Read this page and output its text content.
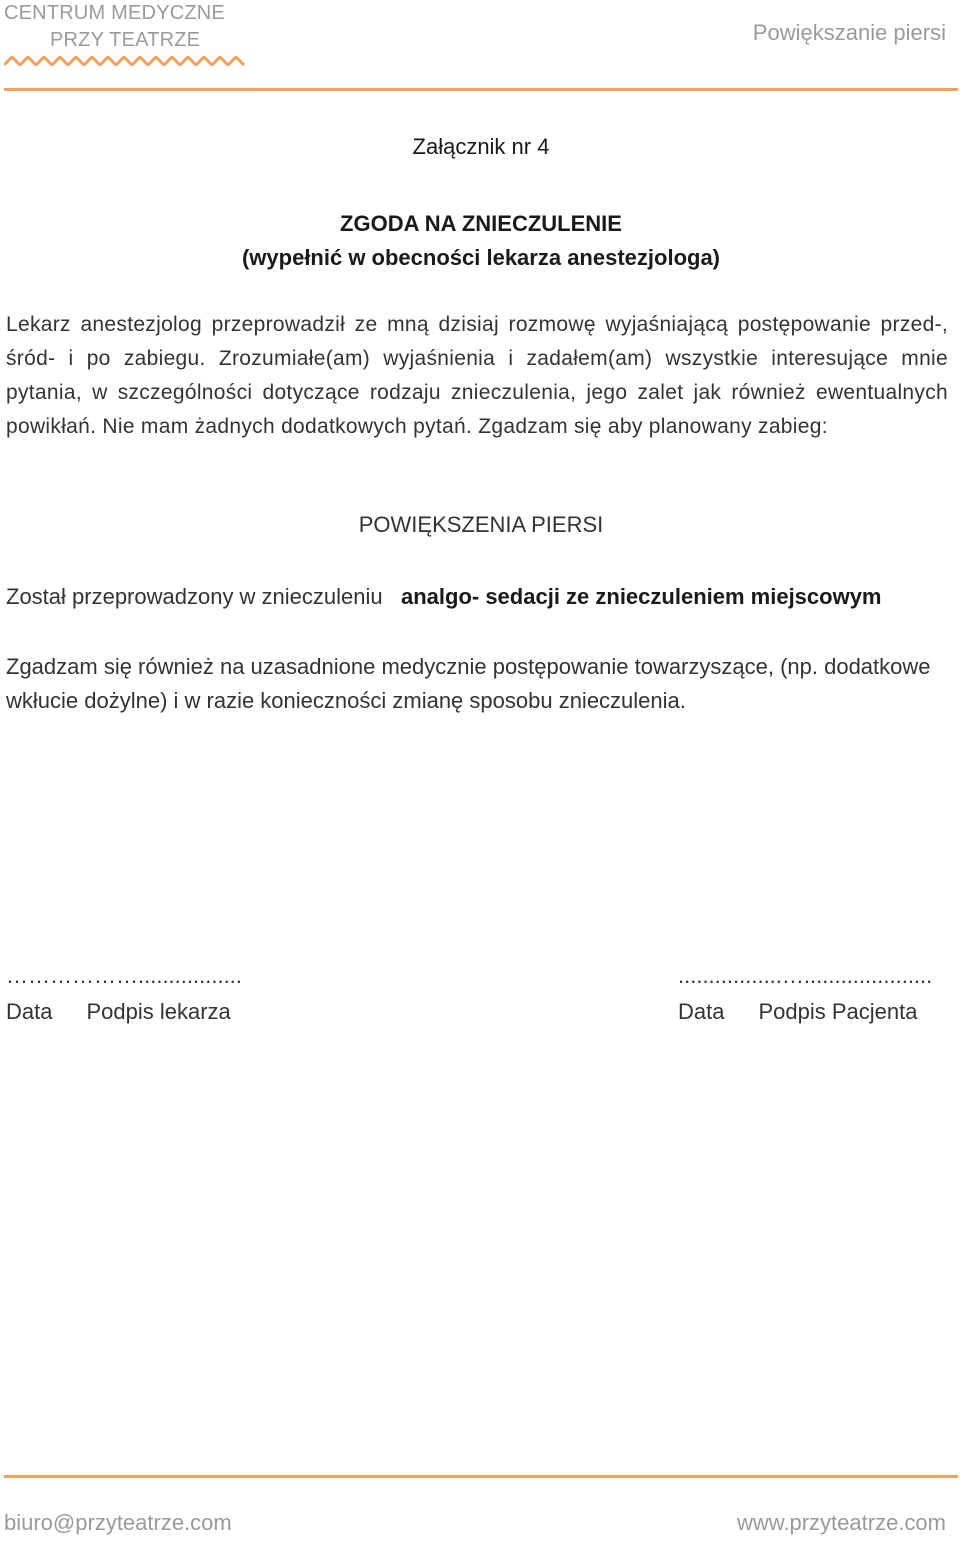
CENTRUM MEDYCZNE
PRZY TEATRZE	Powiększanie piersi
Załącznik nr 4
ZGODA NA ZNIECZULENIE
(wypełnić w obecności lekarza anestezjologa)
Lekarz anestezjolog przeprowadził ze mną dzisiaj rozmowę wyjaśniającą postępowanie przed-, śród- i po zabiegu. Zrozumiałe(am) wyjaśnienia i zadałem(am) wszystkie interesujące mnie pytania, w szczególności dotyczące rodzaju znieczulenia, jego zalet jak również ewentualnych powikłań. Nie mam żadnych dodatkowych pytań. Zgadzam się aby planowany zabieg:
POWIĘKSZENIA PIERSI
Został przeprowadzony w znieczuleniu analgo- sedacji ze znieczuleniem miejscowym
Zgadzam się również na uzasadnione medycznie postępowanie towarzyszące, (np. dodatkowe wkłucie dożylne) i w razie konieczności zmianę sposobu znieczulenia.
……………….................
Data Podpis lekarza
.................….....................
Data Podpis Pacjenta
biuro@przyteatrze.com	www.przyteatrze.com
